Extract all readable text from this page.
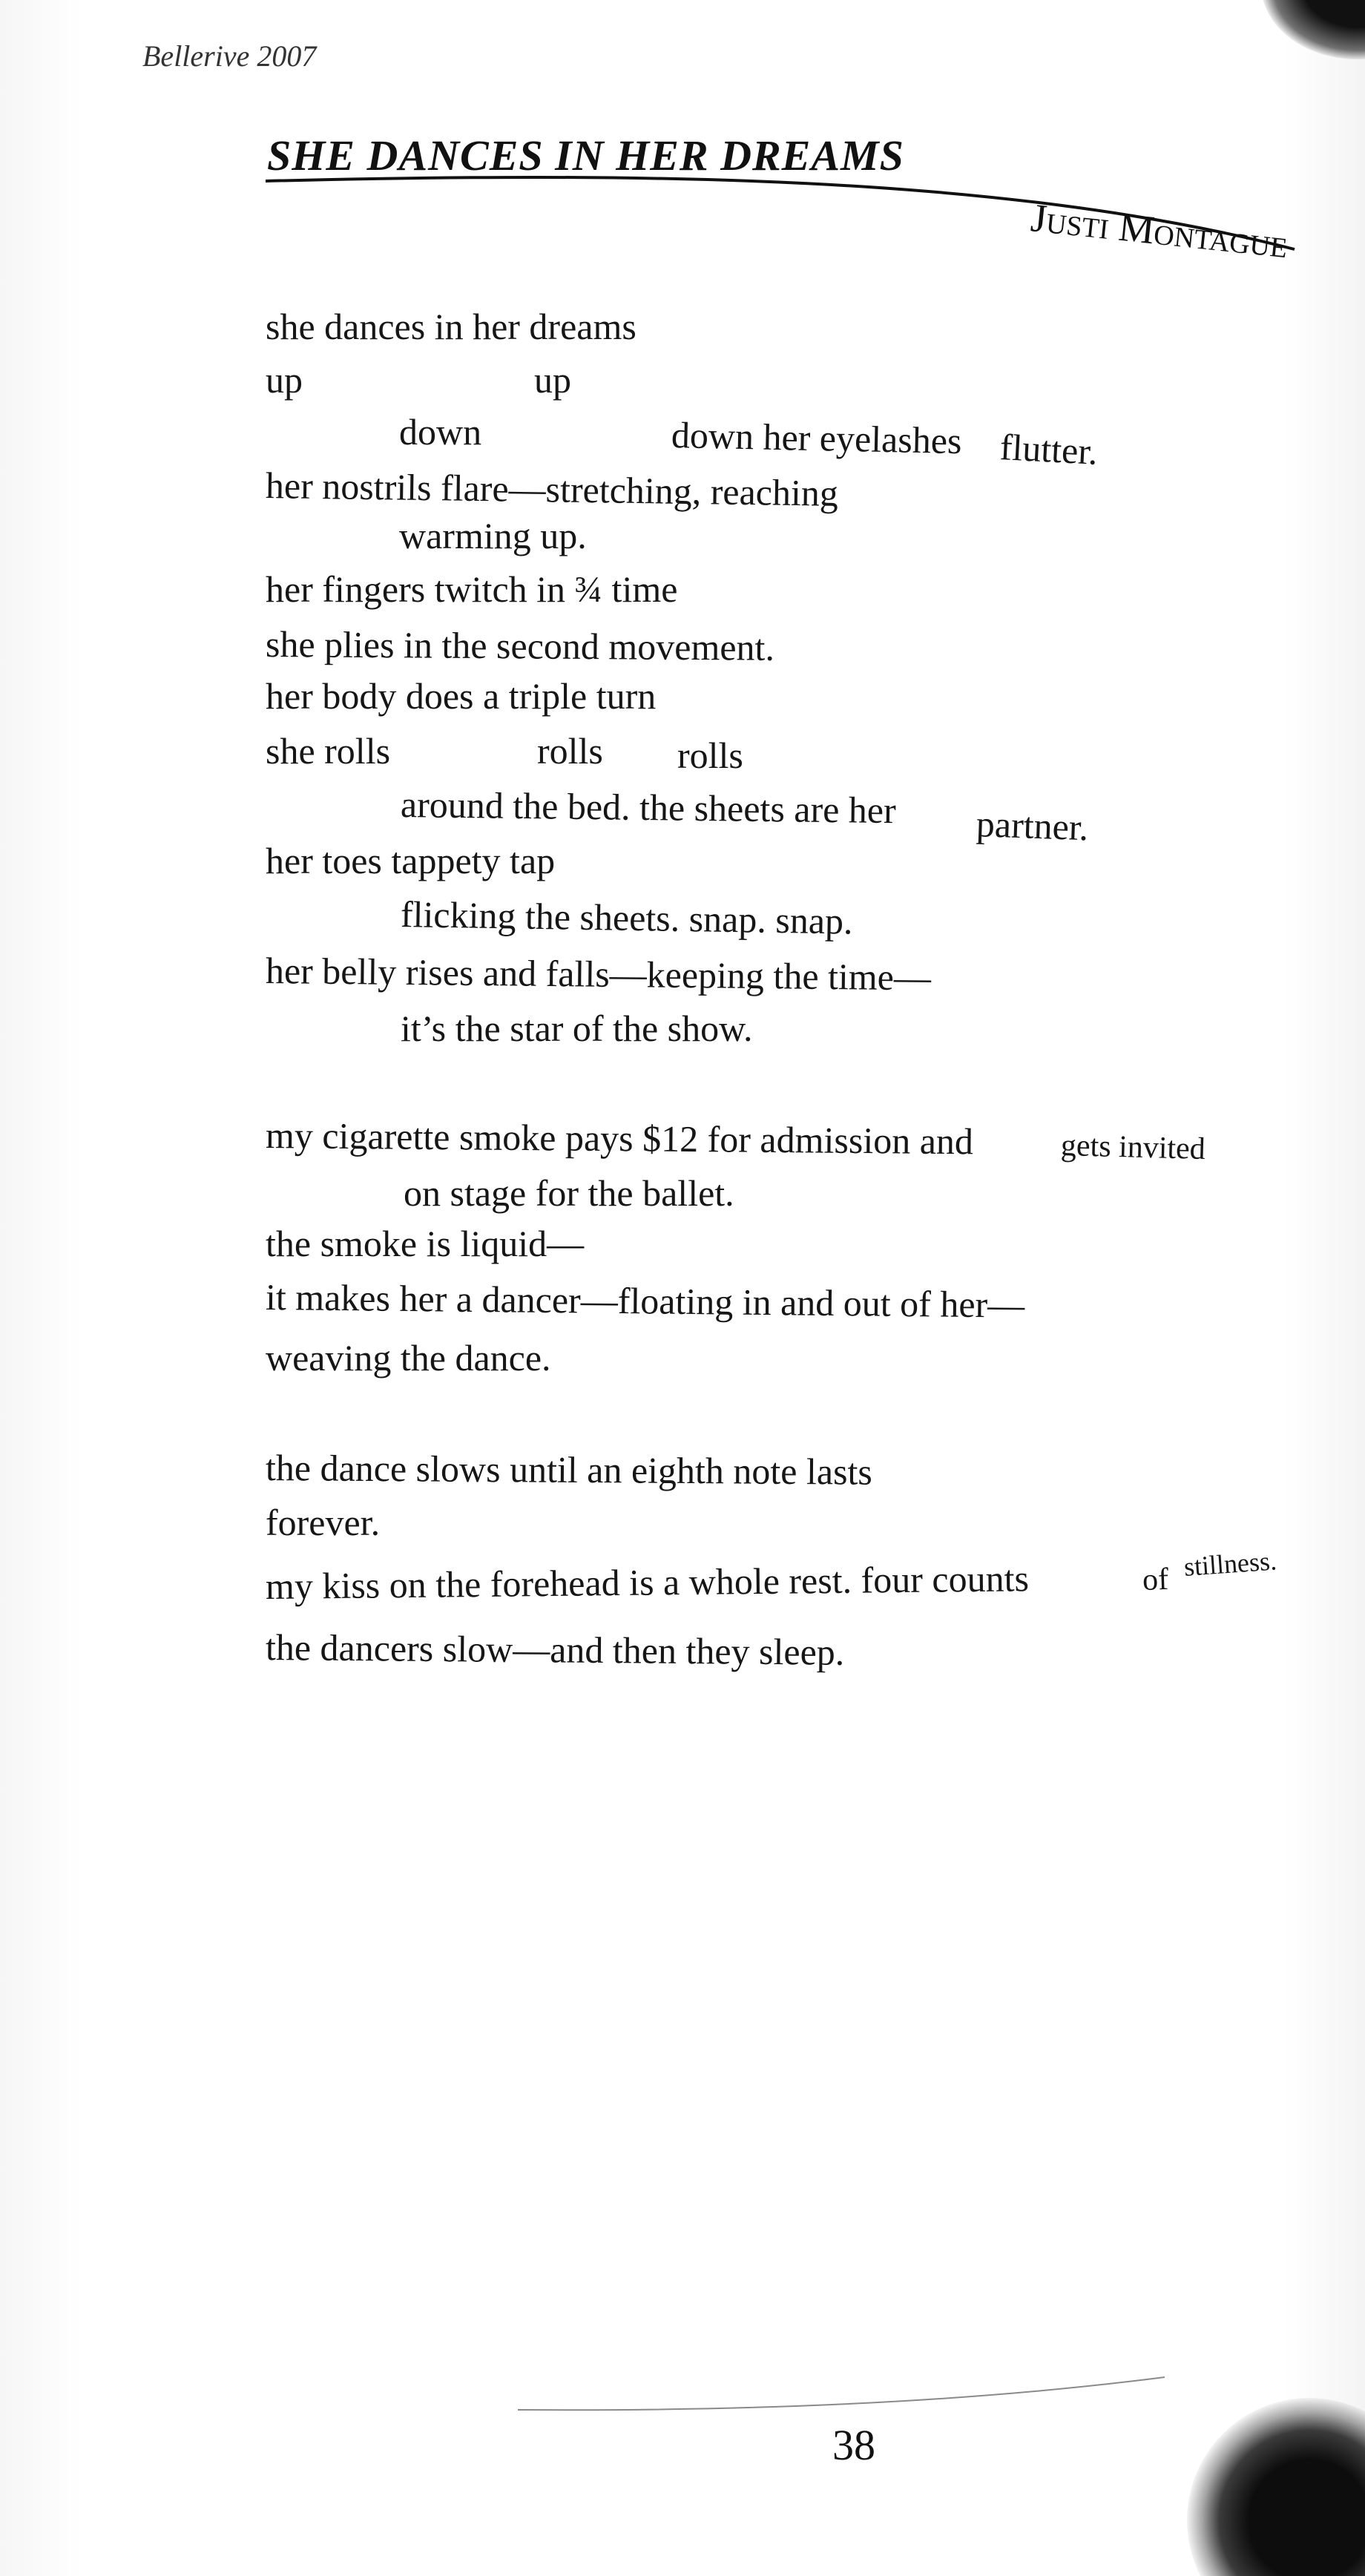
Bellerive 2007
SHE DANCES IN HER DREAMS
Justi Montague
she dances in her dreams
up	up
down	down her eyelashes flutter.
her nostrils flare—stretching, reaching
warming up.
her fingers twitch in ¾ time
she plies in the second movement.
her body does a triple turn
she rolls	rolls rolls
around the bed. the sheets are her partner.
her toes tappety tap
flicking the sheets. snap. snap.
her belly rises and falls—keeping the time—
it’s the star of the show.
my cigarette smoke pays $12 for admission and	gets invited
on stage for the ballet.
the smoke is liquid—
it makes her a dancer—floating in and out of her—
weaving the dance.
the dance slows until an eighth note lasts
forever.
my kiss on the forehead is a whole rest. four counts	of stillness.
the dancers slow—and then they sleep.
38
